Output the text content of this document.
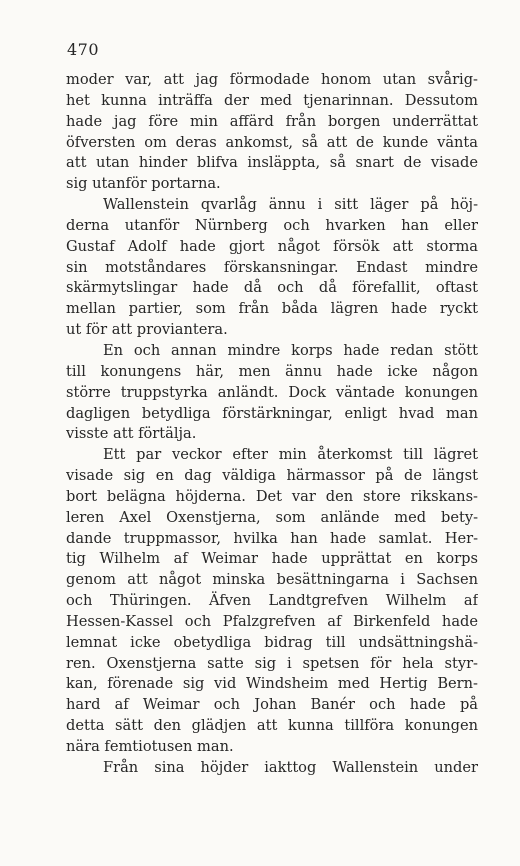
470
moder var, att jag förmodade honom utan svårig-
het kunna inträffa der med tjenarinnan. Dessutom
hade jag före min affärd från borgen underrättat
öfversten om deras ankomst, så att de kunde vänta
att utan hinder blifva insläppta, så snart de visade
sig utanför portarna.
Wallenstein qvarlåg ännu i sitt läger på höj-
derna utanför Nürnberg och hvarken han eller
Gustaf Adolf hade gjort något försök att storma
sin motståndares förskansningar. Endast mindre
skärmytslingar hade då och då förefallit, oftast
mellan partier, som från båda lägren hade ryckt
ut för att proviantera.
En och annan mindre korps hade redan stött
till konungens här, men ännu hade icke någon
större truppstyrka anländt. Dock väntade konungen
dagligen betydliga förstärkningar, enligt hvad man
visste att förtälja.
Ett par veckor efter min återkomst till lägret
visade sig en dag väldiga härmassor på de längst
bort belägna höjderna. Det var den store rikskans-
leren Axel Oxenstjerna, som anlände med bety-
dande truppmassor, hvilka han hade samlat. Her-
tig Wilhelm af Weimar hade upprättat en korps
genom att något minska besättningarna i Sachsen
och Thüringen. Äfven Landtgrefven Wilhelm af
Hessen-Kassel och Pfalzgrefven af Birkenfeld hade
lemnat icke obetydliga bidrag till undsättningshä-
ren. Oxenstjerna satte sig i spetsen för hela styr-
kan, förenade sig vid Windsheim med Hertig Bern-
hard af Weimar och Johan Banér och hade på
detta sätt den glädjen att kunna tillföra konungen
nära femtiotusen man.
Från sina höjder iakttog Wallenstein under
